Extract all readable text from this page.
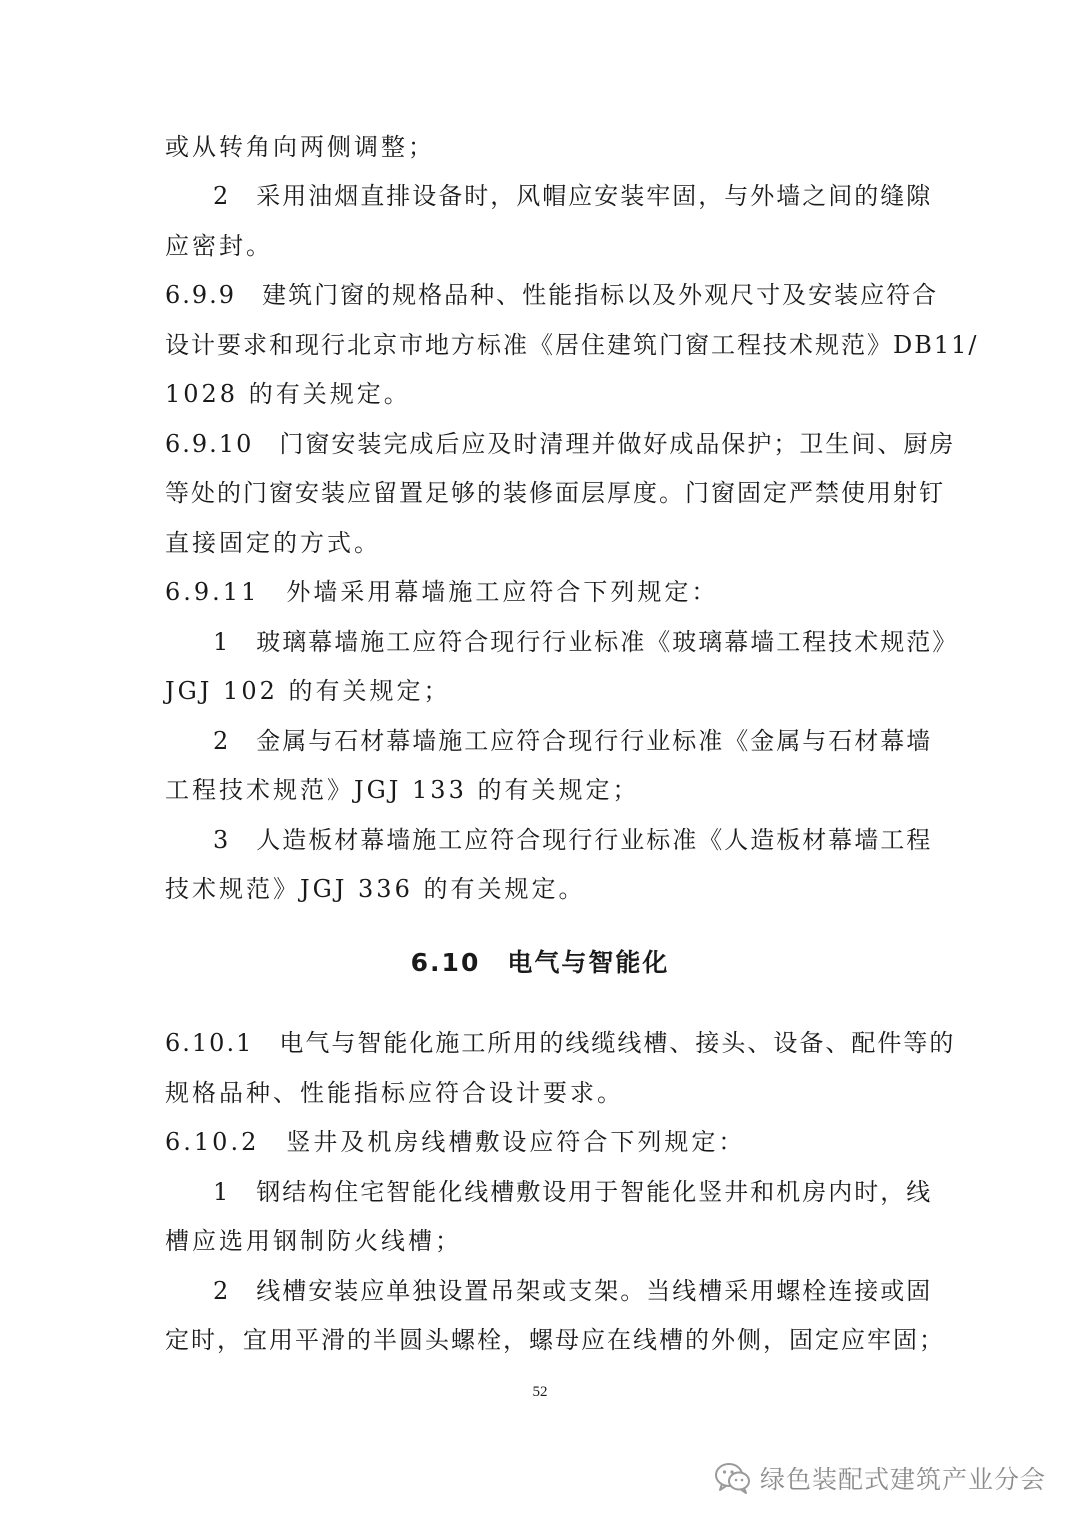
或从转角向两侧调整；
2　采用油烟直排设备时，风帽应安装牢固，与外墙之间的缝隙
应密封。
6.9.9　建筑门窗的规格品种、性能指标以及外观尺寸及安装应符合
设计要求和现行北京市地方标准《居住建筑门窗工程技术规范》DB11/
1028 的有关规定。
6.9.10　门窗安装完成后应及时清理并做好成品保护；卫生间、厨房
等处的门窗安装应留置足够的装修面层厚度。门窗固定严禁使用射钉
直接固定的方式。
6.9.11　外墙采用幕墙施工应符合下列规定：
1　玻璃幕墙施工应符合现行行业标准《玻璃幕墙工程技术规范》
JGJ 102 的有关规定；
2　金属与石材幕墙施工应符合现行行业标准《金属与石材幕墙
工程技术规范》JGJ 133 的有关规定；
3　人造板材幕墙施工应符合现行行业标准《人造板材幕墙工程
技术规范》JGJ 336 的有关规定。
6.10　电气与智能化
6.10.1　电气与智能化施工所用的线缆线槽、接头、设备、配件等的
规格品种、性能指标应符合设计要求。
6.10.2　竖井及机房线槽敷设应符合下列规定：
1　钢结构住宅智能化线槽敷设用于智能化竖井和机房内时，线
槽应选用钢制防火线槽；
2　线槽安装应单独设置吊架或支架。当线槽采用螺栓连接或固
定时，宜用平滑的半圆头螺栓，螺母应在线槽的外侧，固定应牢固；
52
绿色装配式建筑产业分会
